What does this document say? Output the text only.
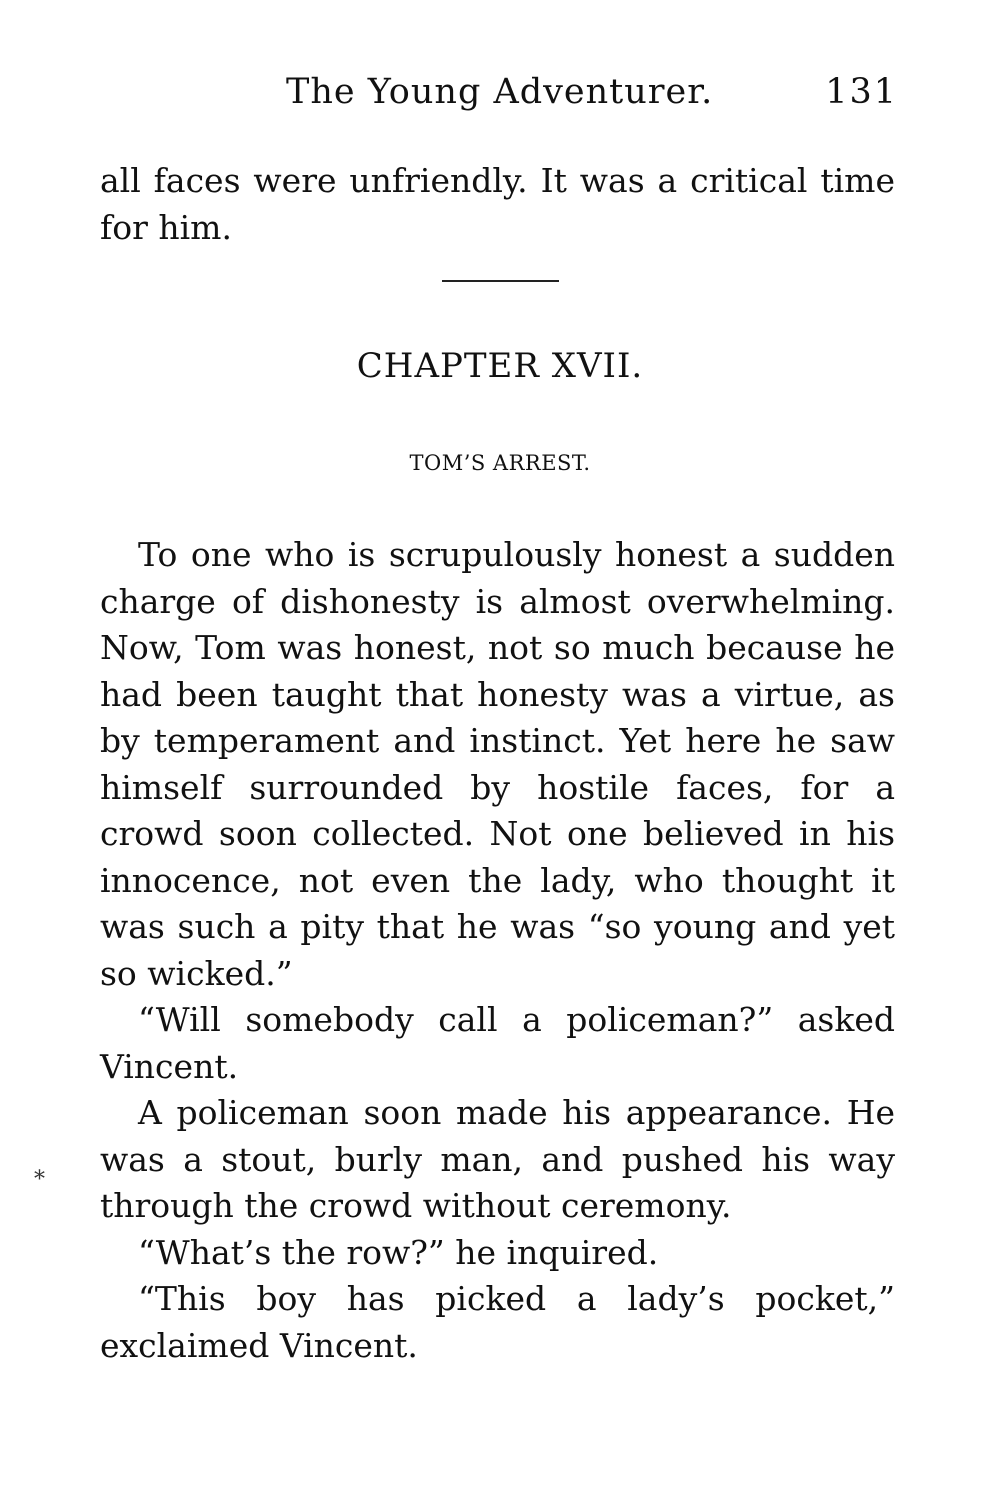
The Young Adventurer.	131

all faces were unfriendly. It was a critical time for him.

CHAPTER XVII.
TOM’S ARREST.

To one who is scrupulously honest a sudden charge of dishonesty is almost overwhelming. Now, Tom was honest, not so much because he had been taught that honesty was a virtue, as by temperament and instinct. Yet here he saw himself surrounded by hostile faces, for a crowd soon collected. Not one believed in his innocence, not even the lady, who thought it was such a pity that he was “so young and yet so wicked.”

“Will somebody call a policeman?” asked Vincent.

A policeman soon made his appearance. He was a stout, burly man, and pushed his way through the crowd without ceremony.

“What’s the row?” he inquired.

“This boy has picked a lady’s pocket,” exclaimed Vincent.

⁎
